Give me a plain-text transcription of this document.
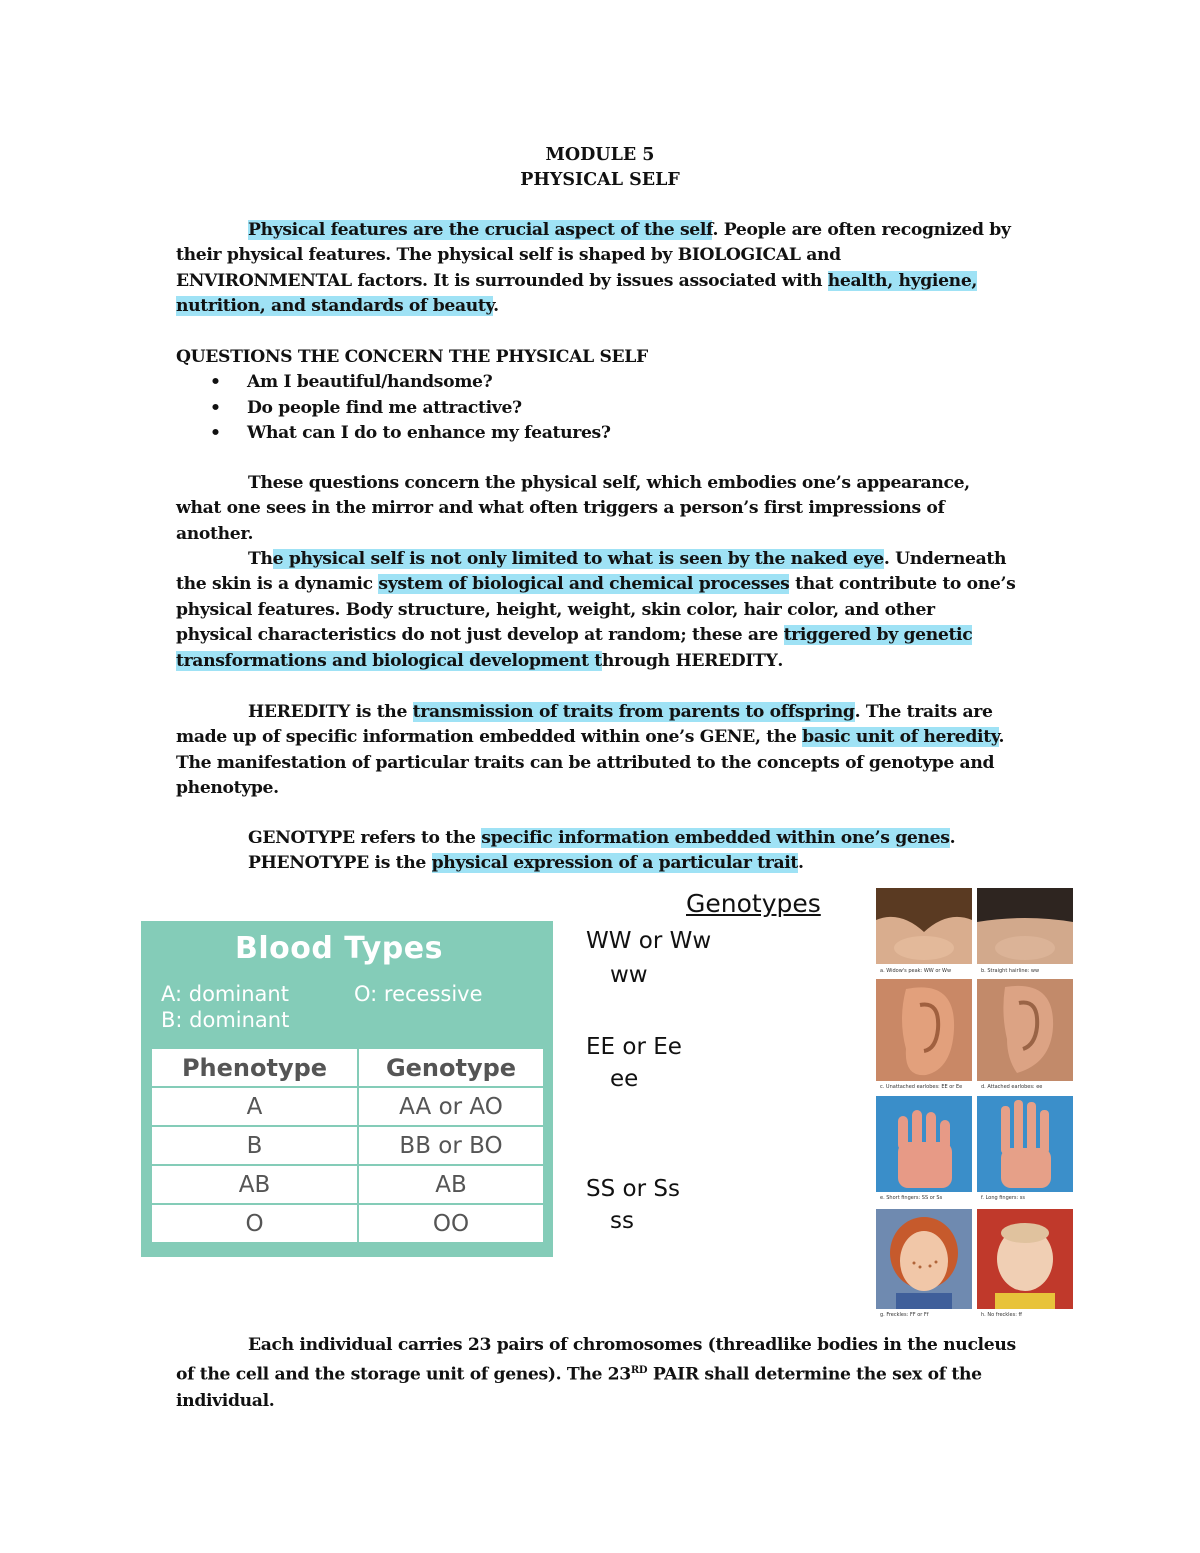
MODULE 5
PHYSICAL SELF

Physical features are the crucial aspect of the self. People are often recognized by their physical features. The physical self is shaped by BIOLOGICAL and ENVIRONMENTAL factors. It is surrounded by issues associated with health, hygiene, nutrition, and standards of beauty.

QUESTIONS THE CONCERN THE PHYSICAL SELF
• Am I beautiful/handsome?
• Do people find me attractive?
• What can I do to enhance my features?

These questions concern the physical self, which embodies one’s appearance, what one sees in the mirror and what often triggers a person’s first impressions of another.

The physical self is not only limited to what is seen by the naked eye. Underneath the skin is a dynamic system of biological and chemical processes that contribute to one’s physical features. Body structure, height, weight, skin color, hair color, and other physical characteristics do not just develop at random; these are triggered by genetic transformations and biological development through HEREDITY.

HEREDITY is the transmission of traits from parents to offspring. The traits are made up of specific information embedded within one’s GENE, the basic unit of heredity. The manifestation of particular traits can be attributed to the concepts of genotype and phenotype.

GENOTYPE refers to the specific information embedded within one’s genes.
PHENOTYPE is the physical expression of a particular trait.

Blood Types
A: dominant
B: dominant
O: recessive
Phenotype	Genotype
A	AA or AO
B	BB or BO
AB	AB
O	OO
Genotypes
WW or Ww
ww
EE or Ee
ee
SS or Ss
ss
a. Widow's peak: WW or Ww	b. Straight hairline: ww
c. Unattached earlobes: EE or Ee	d. Attached earlobes: ee
e. Short fingers: SS or Ss	f. Long fingers: ss
g. Freckles: FF or Ff	h. No freckles: ff

Each individual carries 23 pairs of chromosomes (threadlike bodies in the nucleus of the cell and the storage unit of genes). The 23RD PAIR shall determine the sex of the individual.
